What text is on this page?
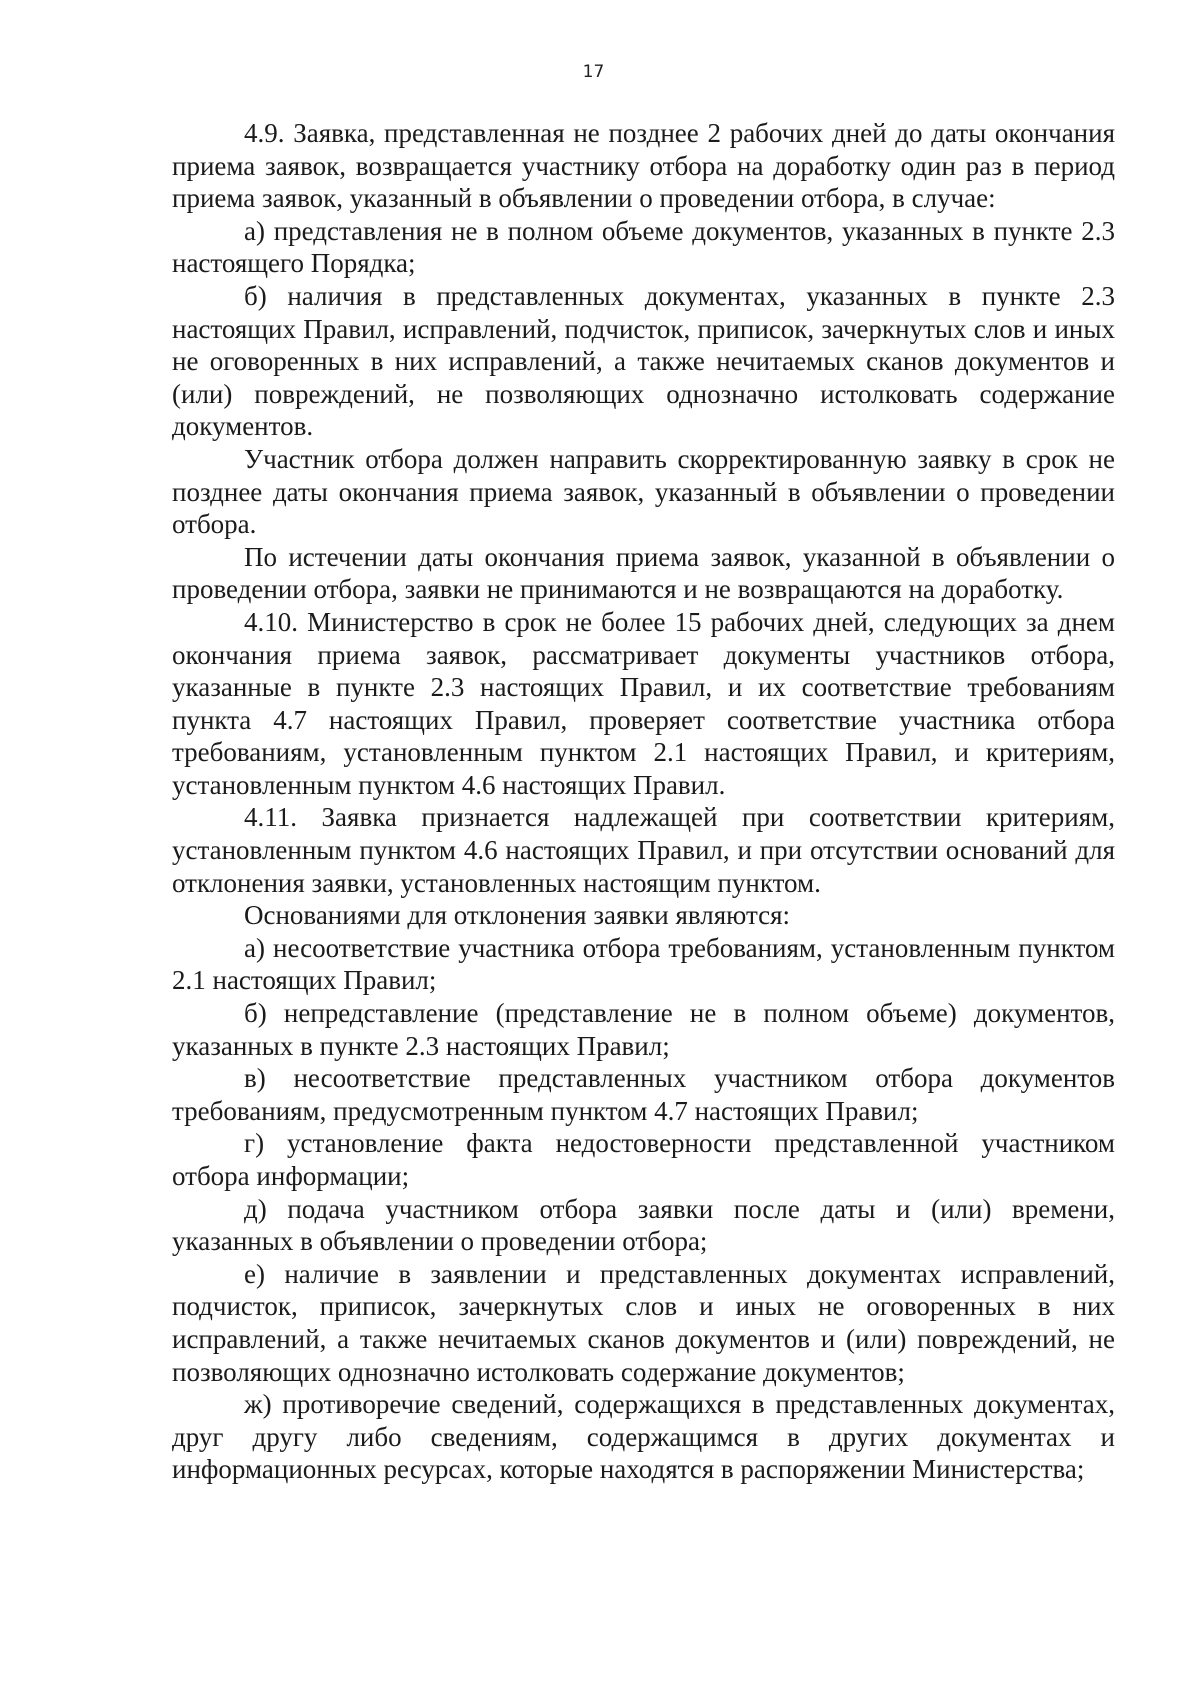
17

4.9. Заявка, представленная не позднее 2 рабочих дней до даты окончания приема заявок, возвращается участнику отбора на доработку один раз в период приема заявок, указанный в объявлении о проведении отбора, в случае:

а) представления не в полном объеме документов, указанных в пункте 2.3 настоящего Порядка;

б) наличия в представленных документах, указанных в пункте 2.3 настоящих Правил, исправлений, подчисток, приписок, зачеркнутых слов и иных не оговоренных в них исправлений, а также нечитаемых сканов документов и (или) повреждений, не позволяющих однозначно истолковать содержание документов.

Участник отбора должен направить скорректированную заявку в срок не позднее даты окончания приема заявок, указанный в объявлении о проведении отбора.

По истечении даты окончания приема заявок, указанной в объявлении о проведении отбора, заявки не принимаются и не возвращаются на доработку.

4.10. Министерство в срок не более 15 рабочих дней, следующих за днем окончания приема заявок, рассматривает документы участников отбора, указанные в пункте 2.3 настоящих Правил, и их соответствие требованиям пункта 4.7 настоящих Правил, проверяет соответствие участника отбора требованиям, установленным пунктом 2.1 настоящих Правил, и критериям, установленным пунктом 4.6 настоящих Правил.

4.11. Заявка признается надлежащей при соответствии критериям, установленным пунктом 4.6 настоящих Правил, и при отсутствии оснований для отклонения заявки, установленных настоящим пунктом.

Основаниями для отклонения заявки являются:

а) несоответствие участника отбора требованиям, установленным пунктом 2.1 настоящих Правил;

б) непредставление (представление не в полном объеме) документов, указанных в пункте 2.3 настоящих Правил;

в) несоответствие представленных участником отбора документов требованиям, предусмотренным пунктом 4.7 настоящих Правил;

г) установление факта недостоверности представленной участником отбора информации;

д) подача участником отбора заявки после даты и (или) времени, указанных в объявлении о проведении отбора;

е) наличие в заявлении и представленных документах исправлений, подчисток, приписок, зачеркнутых слов и иных не оговоренных в них исправлений, а также нечитаемых сканов документов и (или) повреждений, не позволяющих однозначно истолковать содержание документов;

ж) противоречие сведений, содержащихся в представленных документах, друг другу либо сведениям, содержащимся в других документах и информационных ресурсах, которые находятся в распоряжении Министерства;
